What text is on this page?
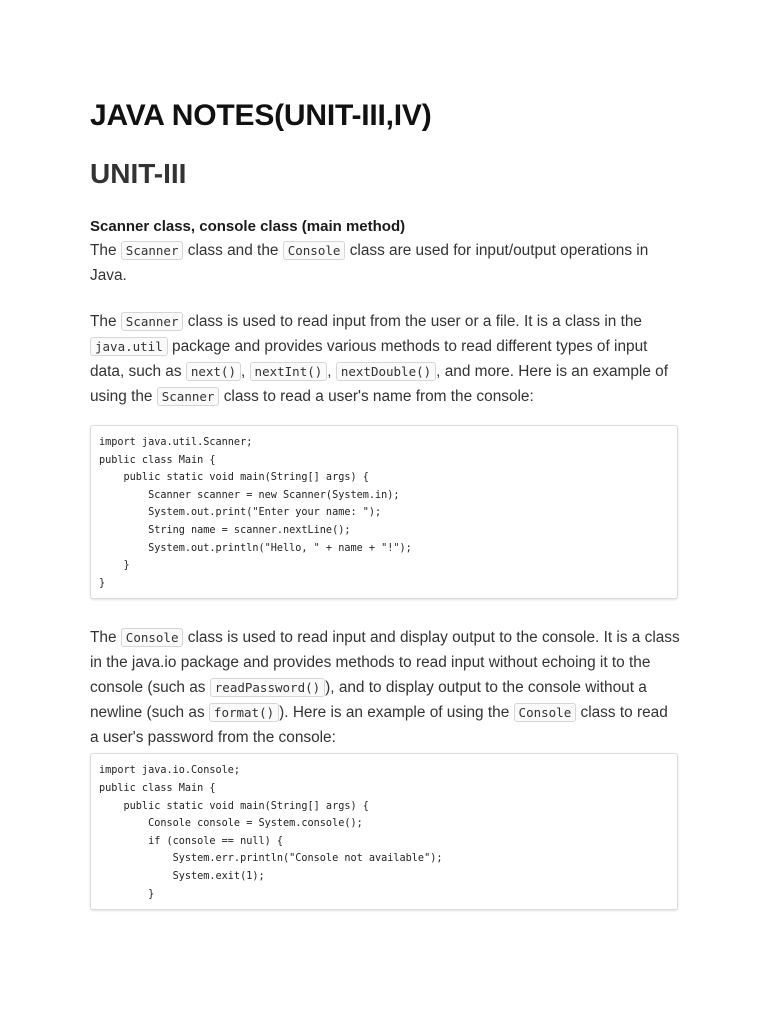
JAVA NOTES(UNIT-III,IV)
UNIT-III
Scanner class, console class (main method)

The Scanner class and the Console class are used for input/output operations in Java.

The Scanner class is used to read input from the user or a file. It is a class in the java.util package and provides various methods to read different types of input data, such as next() , nextInt() , nextDouble() , and more. Here is an example of using the Scanner class to read a user's name from the console:

import java.util.Scanner;
public class Main {
public static void main(String[] args) {
Scanner scanner = new Scanner(System.in);
System.out.print("Enter your name: ");
String name = scanner.nextLine();
System.out.println("Hello, " + name + "!");
}
}

The Console class is used to read input and display output to the console. It is a class in the java.io package and provides methods to read input without echoing it to the console (such as readPassword() ), and to display output to the console without a newline (such as format() ). Here is an example of using the Console class to read a user's password from the console:

import java.io.Console;
public class Main {
public static void main(String[] args) {
Console console = System.console();
if (console == null) {
System.err.println("Console not available");
System.exit(1);
}
